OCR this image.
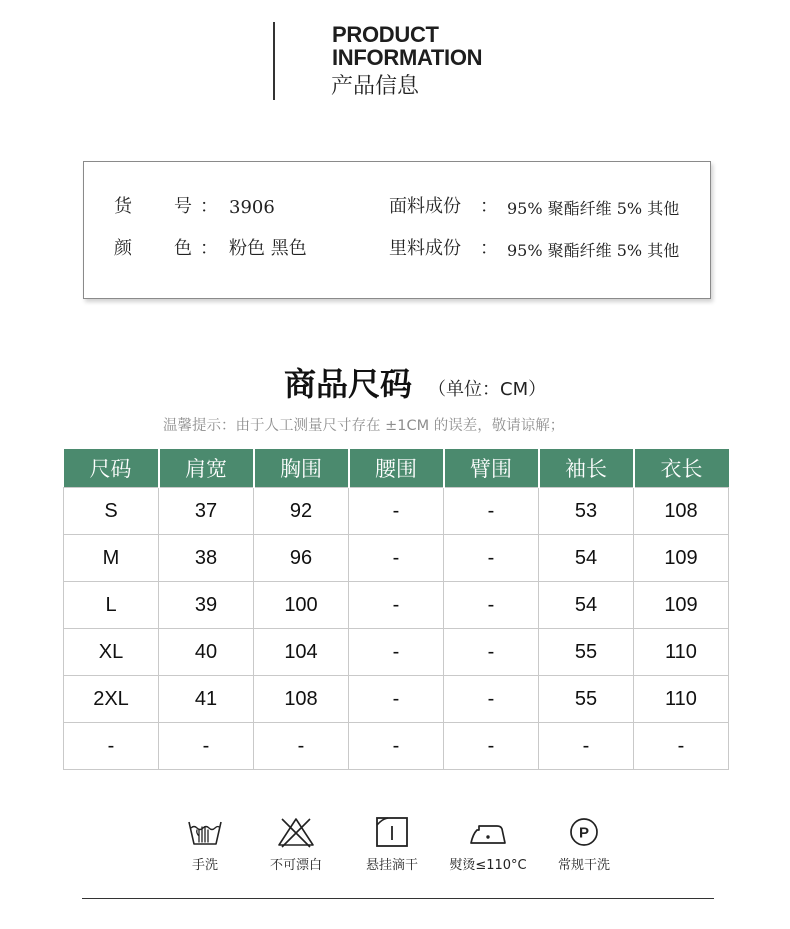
PRODUCT
INFORMATION
产品信息
货 号 ： 3906
颜 色 ： 粉色 黑色
面料成份 ： 95% 聚酯纤维 5% 其他
里料成份 ： 95% 聚酯纤维 5% 其他
商品尺码 （单位：CM）
温馨提示：由于人工测量尺寸存在 ±1CM 的误差，敬请谅解；
尺码	肩宽	胸围	腰围	臂围	袖长	衣长
S	37	92	-	-	53	108
M	38	96	-	-	54	109
L	39	100	-	-	54	109
XL	40	104	-	-	55	110
2XL	41	108	-	-	55	110
-	-	-	-	-	-	-
手洗	不可漂白	悬挂滴干	熨烫≤110°C
P
常规干洗
